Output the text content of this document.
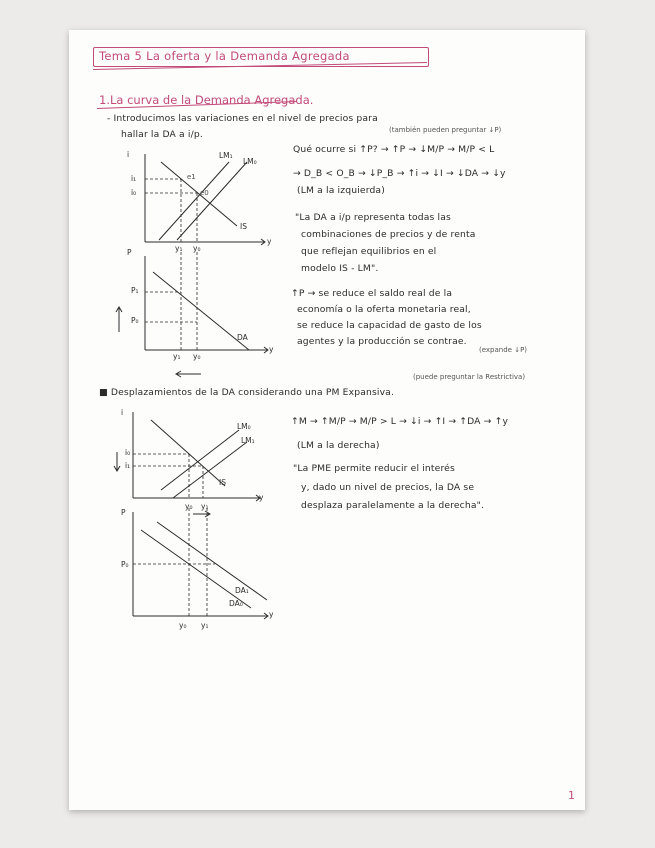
Tema 5 La oferta y la Demanda Agregada
1.La curva de la Demanda Agregada.
- Introducimos las variaciones en el nivel de precios para
hallar la DA a i/p.	(también pueden preguntar ↓P)
Qué ocurre si ↑P? → ↑P → ↓M/P → M/P < L
→ D_B < O_B → ↓P_B → ↑i → ↓I → ↓DA → ↓y
(LM a la izquierda)
"La DA a i/p representa todas las
combinaciones de precios y de renta
que reflejan equilibrios en el
modelo IS - LM".
↑P → se reduce el saldo real de la
economía o la oferta monetaria real,
se reduce la capacidad de gasto de los
agentes y la producción se contrae.
(expande ↓P)
i
y
i₁
i₀
LM₁
LM₀
IS
y₁ y₀
e1
e0
P
y
P₁
P₀
DA
y₁ y₀
(puede preguntar la Restrictiva)
■ Desplazamientos de la DA considerando una PM Expansiva.
↑M → ↑M/P → M/P > L → ↓i → ↑I → ↑DA → ↑y
(LM a la derecha)
"La PME permite reducir el interés
y, dado un nivel de precios, la DA se
desplaza paralelamente a la derecha".
i
y
i₀
i₁
LM₀
LM₁
IS
y₀ y₁
P
y
P₀
DA₁
DA₀
y₀ y₁
1
